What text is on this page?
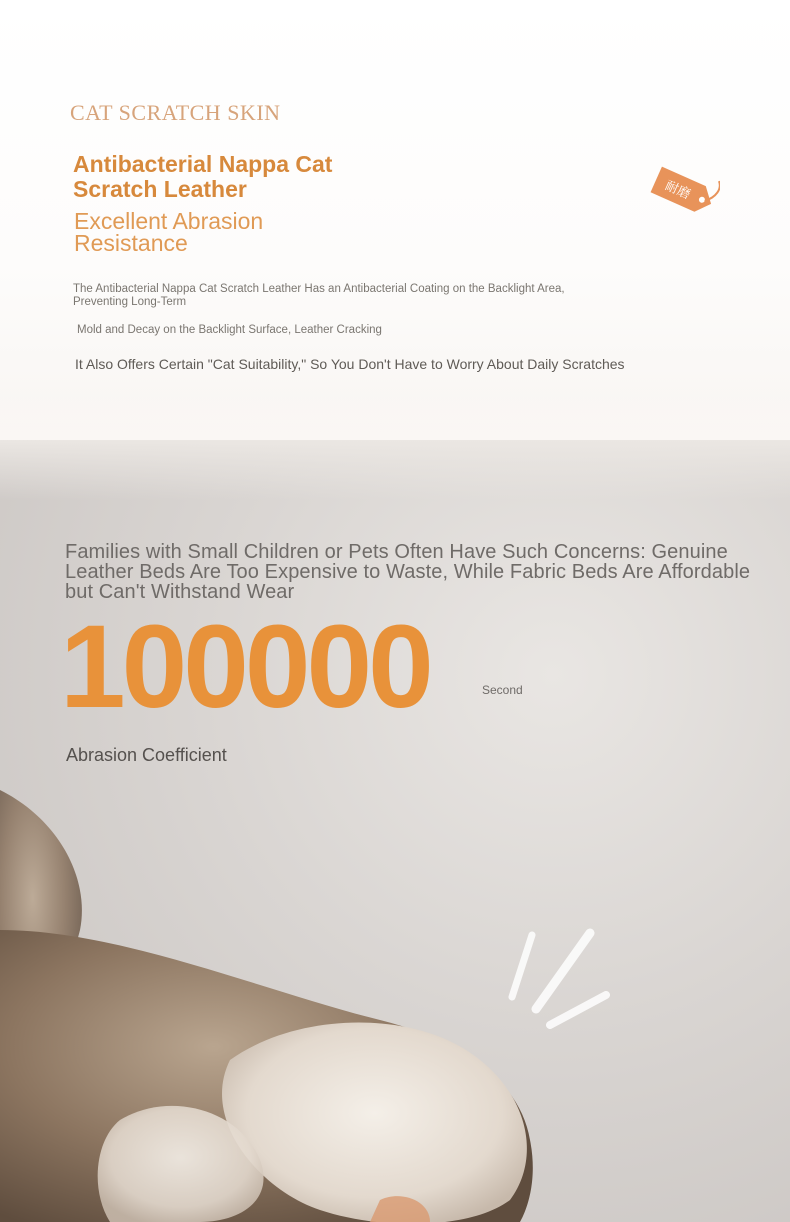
CAT SCRATCH SKIN
Antibacterial Nappa Cat Scratch Leather
Excellent Abrasion Resistance
耐磨
The Antibacterial Nappa Cat Scratch Leather Has an Antibacterial Coating on the Backlight Area, Preventing Long-Term
Mold and Decay on the Backlight Surface, Leather Cracking
It Also Offers Certain "Cat Suitability," So You Don't Have to Worry About Daily Scratches
Families with Small Children or Pets Often Have Such Concerns: Genuine Leather Beds Are Too Expensive to Waste, While Fabric Beds Are Affordable but Can't Withstand Wear
100000	Second
Abrasion Coefficient
